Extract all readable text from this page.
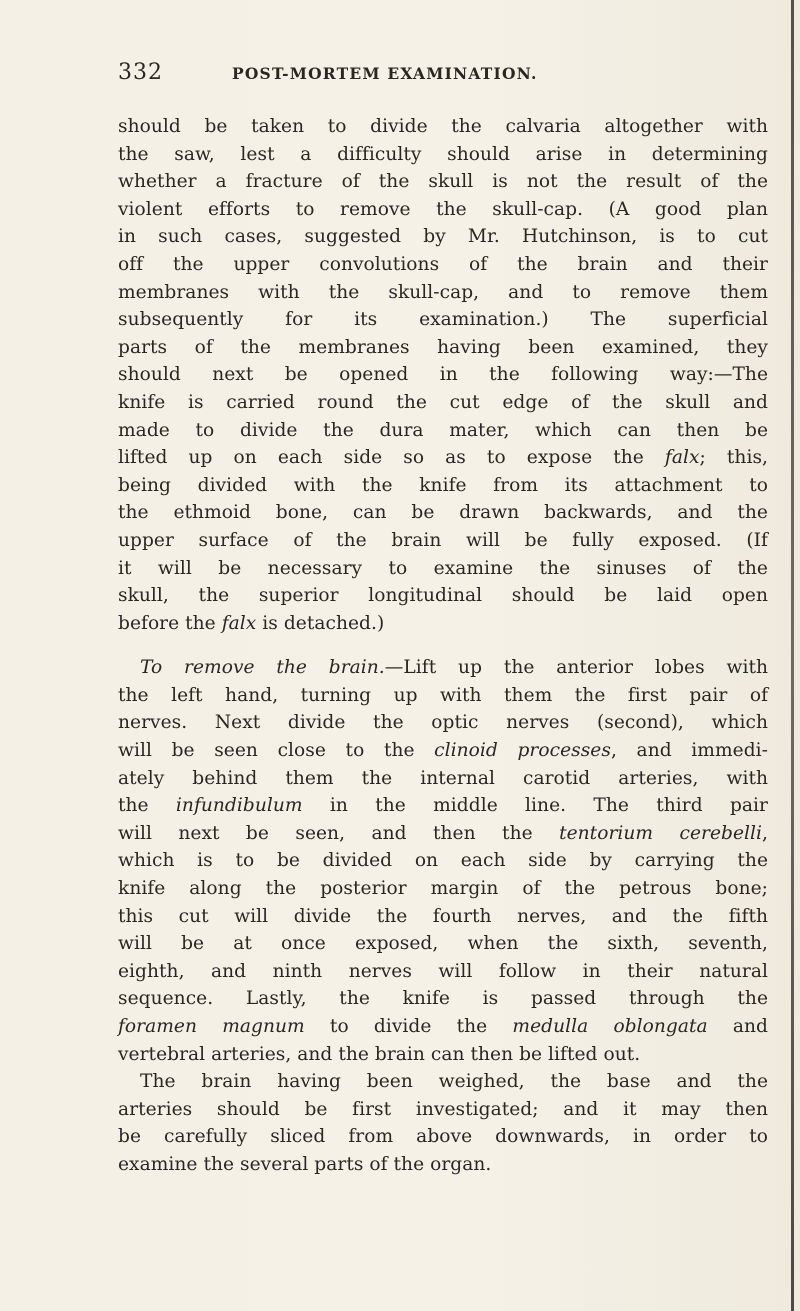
332	POST-MORTEM EXAMINATION.
should be taken to divide the calvaria altogether with
the saw, lest a difficulty should arise in determining
whether a fracture of the skull is not the result of the
violent efforts to remove the skull-cap. (A good plan
in such cases, suggested by Mr. Hutchinson, is to cut
off the upper convolutions of the brain and their
membranes with the skull-cap, and to remove them
subsequently for its examination.) The superficial
parts of the membranes having been examined, they
should next be opened in the following way:—The
knife is carried round the cut edge of the skull and
made to divide the dura mater, which can then be
lifted up on each side so as to expose the falx; this,
being divided with the knife from its attachment to
the ethmoid bone, can be drawn backwards, and the
upper surface of the brain will be fully exposed. (If
it will be necessary to examine the sinuses of the
skull, the superior longitudinal should be laid open
before the falx is detached.)
To remove the brain.—Lift up the anterior lobes with
the left hand, turning up with them the first pair of
nerves. Next divide the optic nerves (second), which
will be seen close to the clinoid processes, and immedi-
ately behind them the internal carotid arteries, with
the infundibulum in the middle line. The third pair
will next be seen, and then the tentorium cerebelli,
which is to be divided on each side by carrying the
knife along the posterior margin of the petrous bone;
this cut will divide the fourth nerves, and the fifth
will be at once exposed, when the sixth, seventh,
eighth, and ninth nerves will follow in their natural
sequence. Lastly, the knife is passed through the
foramen magnum to divide the medulla oblongata and
vertebral arteries, and the brain can then be lifted out.
The brain having been weighed, the base and the
arteries should be first investigated; and it may then
be carefully sliced from above downwards, in order to
examine the several parts of the organ.
